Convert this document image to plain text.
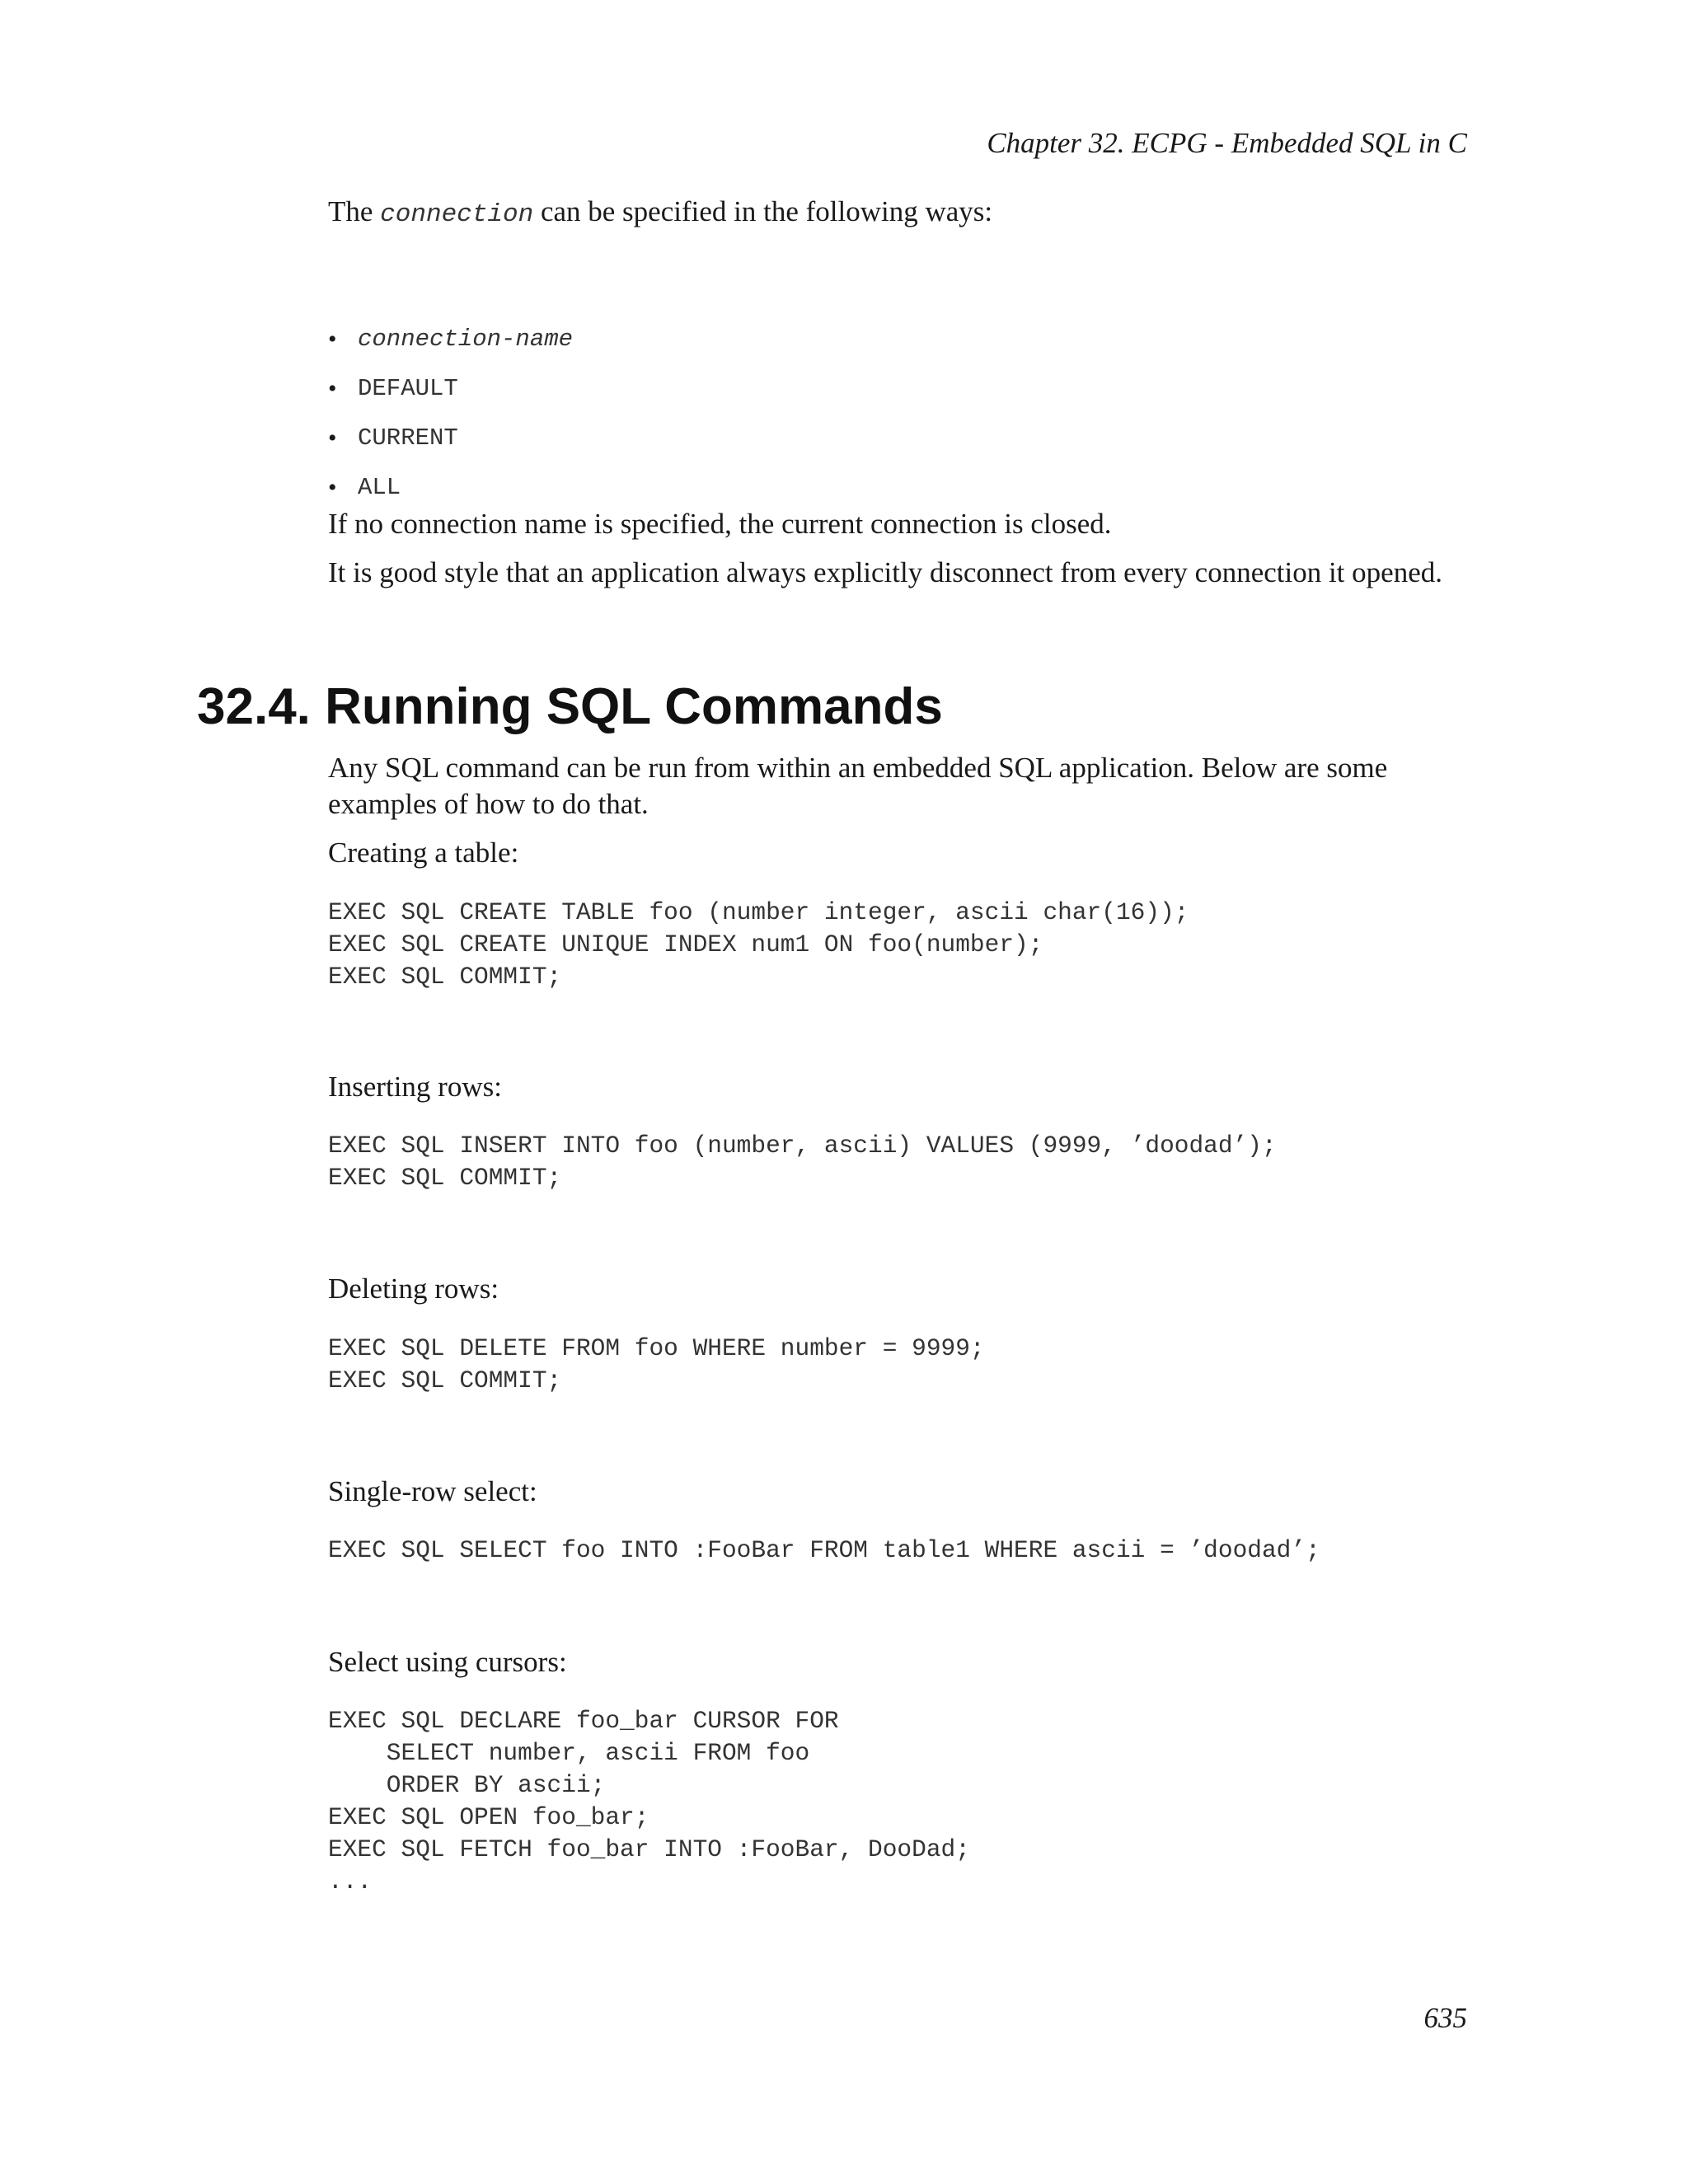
Chapter 32. ECPG - Embedded SQL in C

The connection can be specified in the following ways:

• connection-name
• DEFAULT
• CURRENT
• ALL

If no connection name is specified, the current connection is closed.

It is good style that an application always explicitly disconnect from every connection it opened.

32.4. Running SQL Commands

Any SQL command can be run from within an embedded SQL application. Below are some examples of how to do that.

Creating a table:

EXEC SQL CREATE TABLE foo (number integer, ascii char(16));
EXEC SQL CREATE UNIQUE INDEX num1 ON foo(number);
EXEC SQL COMMIT;

Inserting rows:

EXEC SQL INSERT INTO foo (number, ascii) VALUES (9999, ’doodad’);
EXEC SQL COMMIT;

Deleting rows:

EXEC SQL DELETE FROM foo WHERE number = 9999;
EXEC SQL COMMIT;

Single-row select:

EXEC SQL SELECT foo INTO :FooBar FROM table1 WHERE ascii = ’doodad’;

Select using cursors:

EXEC SQL DECLARE foo_bar CURSOR FOR
SELECT number, ascii FROM foo
ORDER BY ascii;
EXEC SQL OPEN foo_bar;
EXEC SQL FETCH foo_bar INTO :FooBar, DooDad;
...
635
